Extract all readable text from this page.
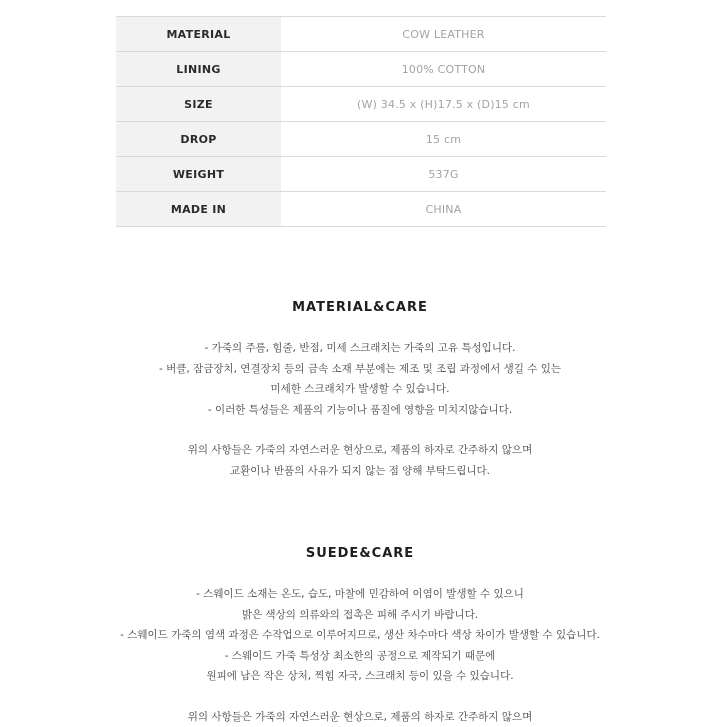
MATERIAL	COW LEATHER
LINING	100% COTTON
SIZE	(W) 34.5 x (H)17.5 x (D)15 cm
DROP	15 cm
WEIGHT	537G
MADE IN	CHINA
MATERIAL&CARE

- 가죽의 주름, 힘줄, 반점, 미세 스크래치는 가죽의 고유 특성입니다.

- 버클, 잠금장치, 연결장치 등의 금속 소재 부분에는 제조 및 조립 과정에서 생길 수 있는

미세한 스크래치가 발생할 수 있습니다.

- 이러한 특성들은 제품의 기능이나 품질에 영향을 미치지않습니다.

위의 사항들은 가죽의 자연스러운 현상으로, 제품의 하자로 간주하지 않으며

교환이나 반품의 사유가 되지 않는 점 양해 부탁드립니다.

SUEDE&CARE

- 스웨이드 소재는 온도, 습도, 마찰에 민감하여 이염이 발생할 수 있으니

밝은 색상의 의류와의 접촉은 피해 주시기 바랍니다.

- 스웨이드 가죽의 염색 과정은 수작업으로 이루어지므로, 생산 차수마다 색상 차이가 발생할 수 있습니다.

- 스웨이드 가죽 특성상 최소한의 공정으로 제작되기 때문에

원피에 남은 작은 상처, 찍힘 자국, 스크래치 등이 있을 수 있습니다.

위의 사항들은 가죽의 자연스러운 현상으로, 제품의 하자로 간주하지 않으며
